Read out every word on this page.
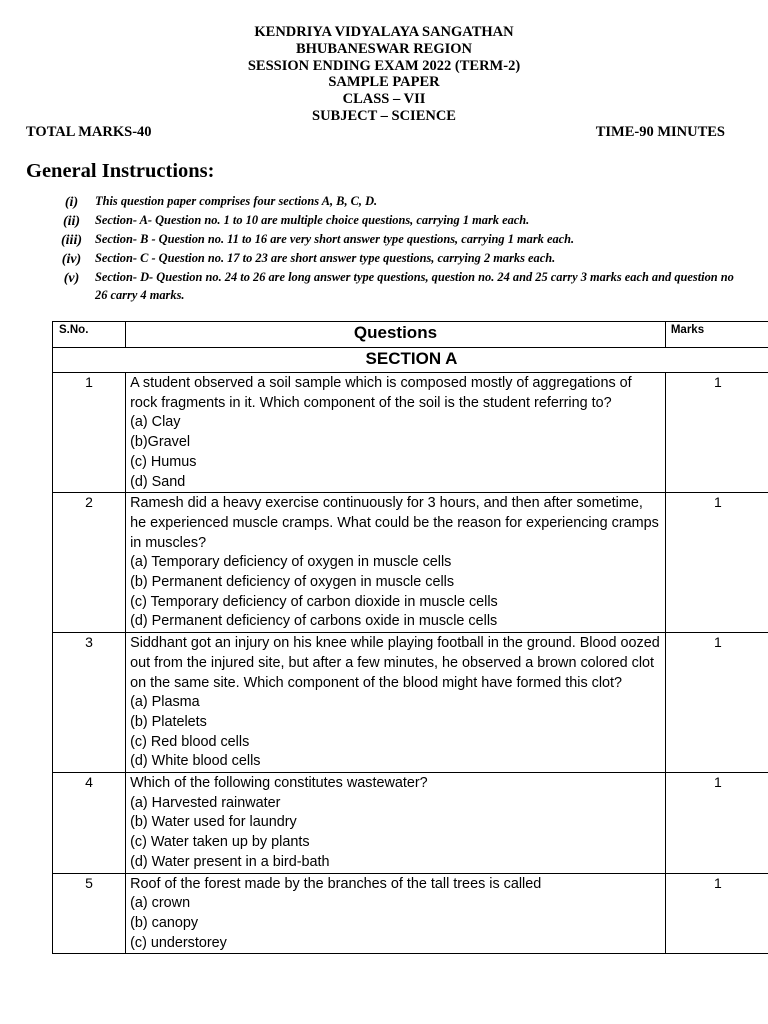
KENDRIYA VIDYALAYA SANGATHAN
BHUBANESWAR REGION
SESSION ENDING EXAM 2022 (TERM-2)
SAMPLE PAPER
CLASS – VII
SUBJECT – SCIENCE
TOTAL MARKS-40	TIME-90 MINUTES
General Instructions:
(i)	This question paper comprises four sections A, B, C, D.
(ii)	Section- A- Question no. 1 to 10 are multiple choice questions, carrying 1 mark each.
(iii)	Section- B - Question no. 11 to 16 are very short answer type questions, carrying 1 mark each.
(iv)	Section- C - Question no. 17 to 23 are short answer type questions, carrying 2 marks each.
(v)	Section- D- Question no. 24 to 26 are long answer type questions, question no. 24 and 25 carry 3 marks each and question no 26 carry 4 marks.
S.No.	Questions	Marks
SECTION A		
1	A student observed a soil sample which is composed mostly of aggregations of rock fragments in it. Which component of the soil is the student referring to?
(a) Clay
(b)Gravel
(c) Humus
(d) Sand	1
2	Ramesh did a heavy exercise continuously for 3 hours, and then after sometime, he experienced muscle cramps. What could be the reason for experiencing cramps in muscles?
(a) Temporary deficiency of oxygen in muscle cells
(b) Permanent deficiency of oxygen in muscle cells
(c) Temporary deficiency of carbon dioxide in muscle cells
(d) Permanent deficiency of carbons oxide in muscle cells	1
3	Siddhant got an injury on his knee while playing football in the ground. Blood oozed out from the injured site, but after a few minutes, he observed a brown colored clot on the same site. Which component of the blood might have formed this clot?
(a) Plasma
(b) Platelets
(c) Red blood cells
(d) White blood cells	1
4	Which of the following constitutes wastewater?
(a) Harvested rainwater
(b) Water used for laundry
(c) Water taken up by plants
(d) Water present in a bird-bath	1
5	Roof of the forest made by the branches of the tall trees is called
(a) crown
(b) canopy
(c) understorey	1
